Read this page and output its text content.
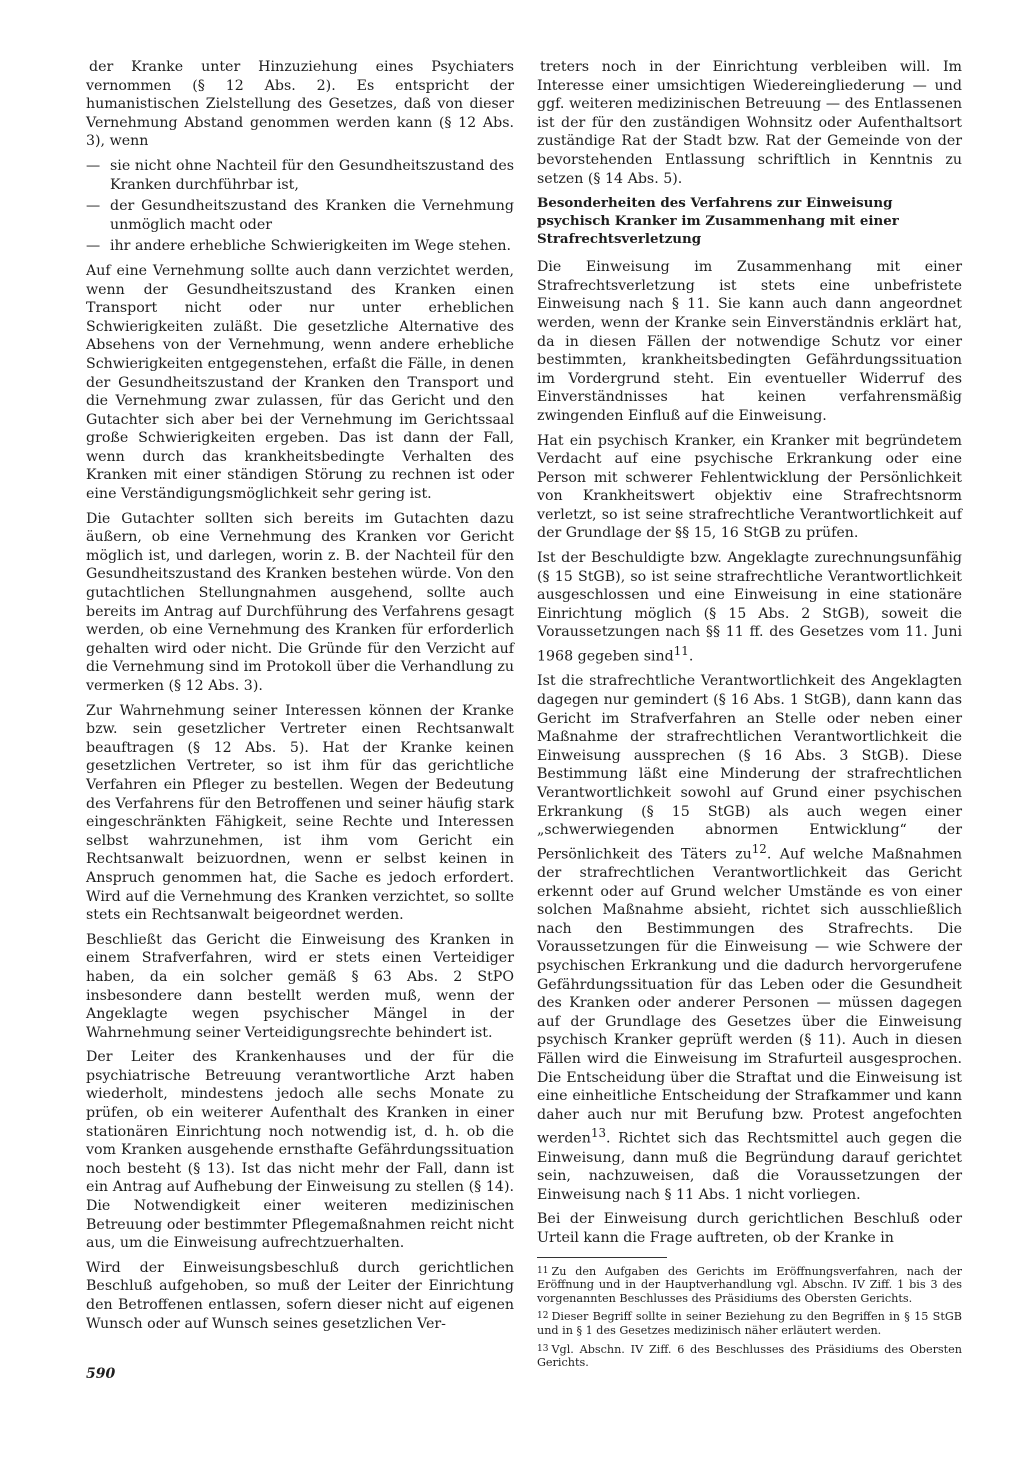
der Kranke unter Hinzuziehung eines Psychiaters vernommen (§ 12 Abs. 2). Es entspricht der humanistischen Zielstellung des Gesetzes, daß von dieser Vernehmung Abstand genommen werden kann (§ 12 Abs. 3), wenn

— sie nicht ohne Nachteil für den Gesundheitszustand des Kranken durchführbar ist,
— der Gesundheitszustand des Kranken die Vernehmung unmöglich macht oder
— ihr andere erhebliche Schwierigkeiten im Wege stehen.

Auf eine Vernehmung sollte auch dann verzichtet werden, wenn der Gesundheitszustand des Kranken einen Transport nicht oder nur unter erheblichen Schwierigkeiten zuläßt. Die gesetzliche Alternative des Absehens von der Vernehmung, wenn andere erhebliche Schwierigkeiten entgegenstehen, erfaßt die Fälle, in denen der Gesundheitszustand der Kranken den Transport und die Vernehmung zwar zulassen, für das Gericht und den Gutachter sich aber bei der Vernehmung im Gerichtssaal große Schwierigkeiten ergeben. Das ist dann der Fall, wenn durch das krankheitsbedingte Verhalten des Kranken mit einer ständigen Störung zu rechnen ist oder eine Verständigungsmöglichkeit sehr gering ist.

Die Gutachter sollten sich bereits im Gutachten dazu äußern, ob eine Vernehmung des Kranken vor Gericht möglich ist, und darlegen, worin z. B. der Nachteil für den Gesundheitszustand des Kranken bestehen würde. Von den gutachtlichen Stellungnahmen ausgehend, sollte auch bereits im Antrag auf Durchführung des Verfahrens gesagt werden, ob eine Vernehmung des Kranken für erforderlich gehalten wird oder nicht. Die Gründe für den Verzicht auf die Vernehmung sind im Protokoll über die Verhandlung zu vermerken (§ 12 Abs. 3).

Zur Wahrnehmung seiner Interessen können der Kranke bzw. sein gesetzlicher Vertreter einen Rechtsanwalt beauftragen (§ 12 Abs. 5). Hat der Kranke keinen gesetzlichen Vertreter, so ist ihm für das gerichtliche Verfahren ein Pfleger zu bestellen. Wegen der Bedeutung des Verfahrens für den Betroffenen und seiner häufig stark eingeschränkten Fähigkeit, seine Rechte und Interessen selbst wahrzunehmen, ist ihm vom Gericht ein Rechtsanwalt beizuordnen, wenn er selbst keinen in Anspruch genommen hat, die Sache es jedoch erfordert. Wird auf die Vernehmung des Kranken verzichtet, so sollte stets ein Rechtsanwalt beigeordnet werden.

Beschließt das Gericht die Einweisung des Kranken in einem Strafverfahren, wird er stets einen Verteidiger haben, da ein solcher gemäß § 63 Abs. 2 StPO insbesondere dann bestellt werden muß, wenn der Angeklagte wegen psychischer Mängel in der Wahrnehmung seiner Verteidigungsrechte behindert ist.

Der Leiter des Krankenhauses und der für die psychiatrische Betreuung verantwortliche Arzt haben wiederholt, mindestens jedoch alle sechs Monate zu prüfen, ob ein weiterer Aufenthalt des Kranken in einer stationären Einrichtung noch notwendig ist, d. h. ob die vom Kranken ausgehende ernsthafte Gefährdungssituation noch besteht (§ 13). Ist das nicht mehr der Fall, dann ist ein Antrag auf Aufhebung der Einweisung zu stellen (§ 14). Die Notwendigkeit einer weiteren medizinischen Betreuung oder bestimmter Pflegemaßnahmen reicht nicht aus, um die Einweisung aufrechtzuerhalten.

Wird der Einweisungsbeschluß durch gerichtlichen Beschluß aufgehoben, so muß der Leiter der Einrichtung den Betroffenen entlassen, sofern dieser nicht auf eigenen Wunsch oder auf Wunsch seines gesetzlichen Ver-

treters noch in der Einrichtung verbleiben will. Im Interesse einer umsichtigen Wiedereingliederung — und ggf. weiteren medizinischen Betreuung — des Entlassenen ist der für den zuständigen Wohnsitz oder Aufenthaltsort zuständige Rat der Stadt bzw. Rat der Gemeinde von der bevorstehenden Entlassung schriftlich in Kenntnis zu setzen (§ 14 Abs. 5).

Besonderheiten des Verfahrens zur Einweisung psychisch Kranker im Zusammenhang mit einer Strafrechtsverletzung

Die Einweisung im Zusammenhang mit einer Strafrechtsverletzung ist stets eine unbefristete Einweisung nach § 11. Sie kann auch dann angeordnet werden, wenn der Kranke sein Einverständnis erklärt hat, da in diesen Fällen der notwendige Schutz vor einer bestimmten, krankheitsbedingten Gefährdungssituation im Vordergrund steht. Ein eventueller Widerruf des Einverständnisses hat keinen verfahrensmäßig zwingenden Einfluß auf die Einweisung.

Hat ein psychisch Kranker, ein Kranker mit begründetem Verdacht auf eine psychische Erkrankung oder eine Person mit schwerer Fehlentwicklung der Persönlichkeit von Krankheitswert objektiv eine Strafrechtsnorm verletzt, so ist seine strafrechtliche Verantwortlichkeit auf der Grundlage der §§ 15, 16 StGB zu prüfen.

Ist der Beschuldigte bzw. Angeklagte zurechnungsunfähig (§ 15 StGB), so ist seine strafrechtliche Verantwortlichkeit ausgeschlossen und eine Einweisung in eine stationäre Einrichtung möglich (§ 15 Abs. 2 StGB), soweit die Voraussetzungen nach §§ 11 ff. des Gesetzes vom 11. Juni 1968 gegeben sind$^{11}$.

Ist die strafrechtliche Verantwortlichkeit des Angeklagten dagegen nur gemindert (§ 16 Abs. 1 StGB), dann kann das Gericht im Strafverfahren an Stelle oder neben einer Maßnahme der strafrechtlichen Verantwortlichkeit die Einweisung aussprechen (§ 16 Abs. 3 StGB). Diese Bestimmung läßt eine Minderung der strafrechtlichen Verantwortlichkeit sowohl auf Grund einer psychischen Erkrankung (§ 15 StGB) als auch wegen einer „schwerwiegenden abnormen Entwicklung“ der Persönlichkeit des Täters $zu^{12}$. Auf welche Maßnahmen der strafrechtlichen Verantwortlichkeit das Gericht erkennt oder auf Grund welcher Umstände es von einer solchen Maßnahme absieht, richtet sich ausschließlich nach den Bestimmungen des Strafrechts. Die Voraussetzungen für die Einweisung — wie Schwere der psychischen Erkrankung und die dadurch hervorgerufene Gefährdungssituation für das Leben oder die Gesundheit des Kranken oder anderer Personen — müssen dagegen auf der Grundlage des Gesetzes über die Einweisung psychisch Kranker geprüft werden (§ 11). Auch in diesen Fällen wird die Einweisung im Strafurteil ausgesprochen. Die Entscheidung über die Straftat und die Einweisung ist eine einheitliche Entscheidung der Strafkammer und kann daher auch nur mit Berufung bzw. Protest angefochten werden$^{13}$. Richtet sich das Rechtsmittel auch gegen die Einweisung, dann muß die Begründung darauf gerichtet sein, nachzuweisen, daß die Voraussetzungen der Einweisung nach § 11 Abs. 1 nicht vorliegen.

Bei der Einweisung durch gerichtlichen Beschluß oder Urteil kann die Frage auftreten, ob der Kranke in

11 Zu den Aufgaben des Gerichts im Eröffnungsverfahren, nach der Eröffnung und in der Hauptverhandlung vgl. Abschn. IV Ziff. 1 bis 3 des vorgenannten Beschlusses des Präsidiums des Obersten Gerichts.

12 Dieser Begriff sollte in seiner Beziehung zu den Begriffen in § 15 StGB und in § 1 des Gesetzes medizinisch näher erläutert werden.

13 Vgl. Abschn. IV Ziff. 6 des Beschlusses des Präsidiums des Obersten Gerichts.

590
